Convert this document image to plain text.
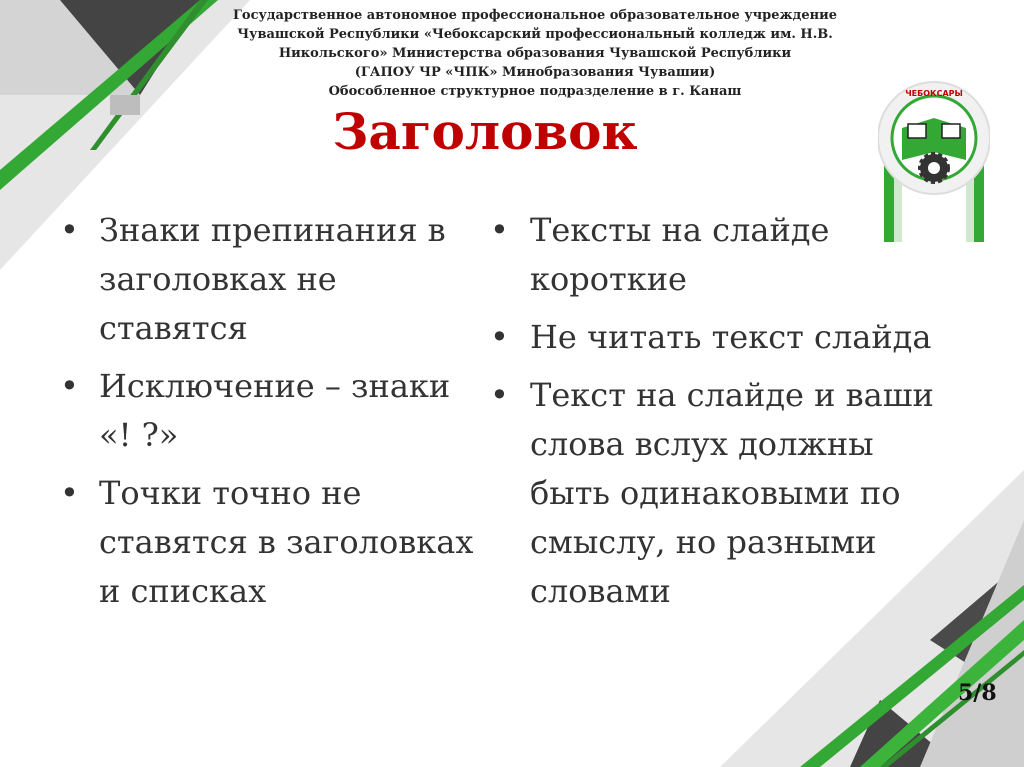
Государственное автономное профессиональное образовательное учреждение
Чувашской Республики «Чебоксарский профессиональный колледж им. Н.В.
Никольского» Министерства образования Чувашской Республики
(ГАПОУ ЧР «ЧПК» Минобразования Чувашии)
Обособленное структурное подразделение в г. Канаш	ЧЕБОКСАРЫ
Заголовок
• Знаки препинания в заголовках не ставятся
• Исключение – знаки «! ?»
• Точки точно не ставятся в заголовках и списках
• Тексты на слайде короткие
• Не читать текст слайда
• Текст на слайде и ваши слова вслух должны быть одинаковыми по смыслу, но разными словами
5/8
